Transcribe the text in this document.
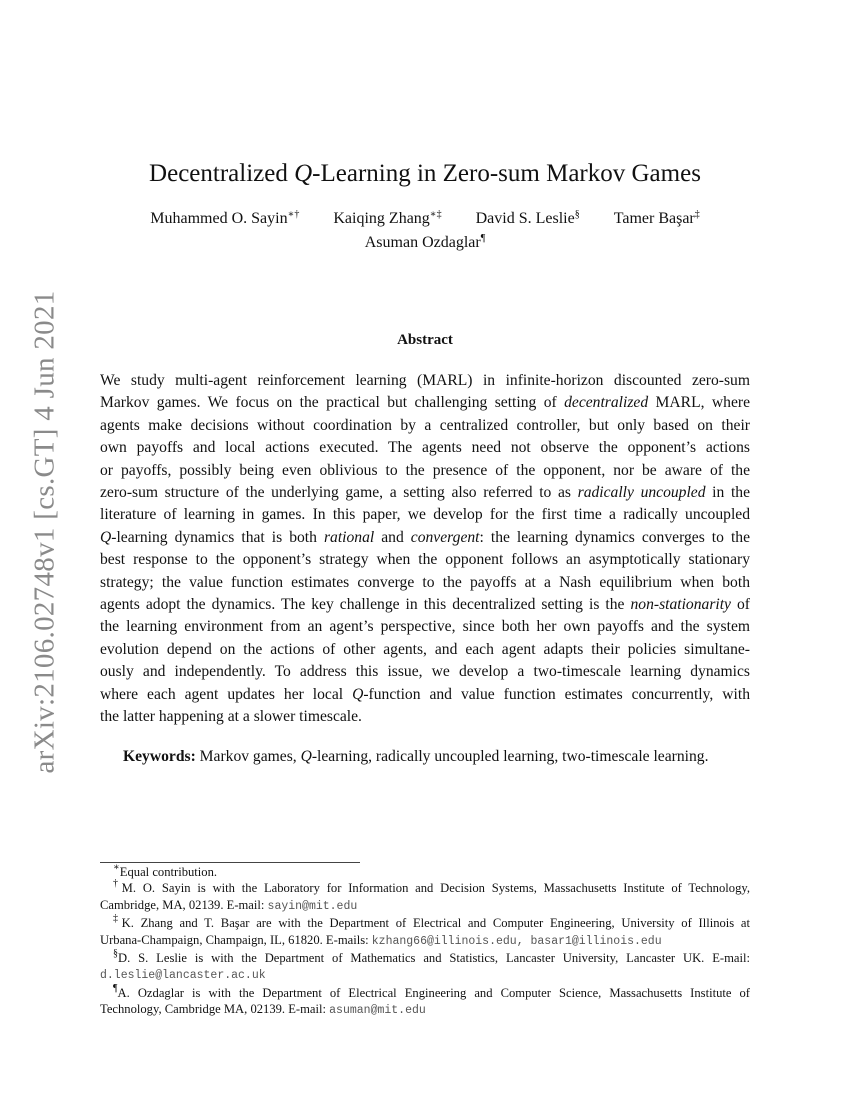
arXiv:2106.02748v1 [cs.GT] 4 Jun 2021
Decentralized Q-Learning in Zero-sum Markov Games
Muhammed O. Sayin∗† Kaiqing Zhang∗‡ David S. Leslie§ Tamer Başar‡
Asuman Ozdaglar¶
Abstract
We study multi-agent reinforcement learning (MARL) in infinite-horizon discounted zero-sum
Markov games. We focus on the practical but challenging setting of decentralized MARL, where
agents make decisions without coordination by a centralized controller, but only based on their
own payoffs and local actions executed. The agents need not observe the opponent’s actions
or payoffs, possibly being even oblivious to the presence of the opponent, nor be aware of the
zero-sum structure of the underlying game, a setting also referred to as radically uncoupled in the
literature of learning in games. In this paper, we develop for the first time a radically uncoupled
Q-learning dynamics that is both rational and convergent: the learning dynamics converges to the
best response to the opponent’s strategy when the opponent follows an asymptotically stationary
strategy; the value function estimates converge to the payoffs at a Nash equilibrium when both
agents adopt the dynamics. The key challenge in this decentralized setting is the non-stationarity of
the learning environment from an agent’s perspective, since both her own payoffs and the system
evolution depend on the actions of other agents, and each agent adapts their policies simultane-
ously and independently. To address this issue, we develop a two-timescale learning dynamics
where each agent updates her local Q-function and value function estimates concurrently, with
the latter happening at a slower timescale.
Keywords: Markov games, Q-learning, radically uncoupled learning, two-timescale learning.
∗Equal contribution.
†M. O. Sayin is with the Laboratory for Information and Decision Systems, Massachusetts Institute of Technology,
Cambridge, MA, 02139. E-mail: sayin@mit.edu
‡K. Zhang and T. Başar are with the Department of Electrical and Computer Engineering, University of Illinois at
Urbana-Champaign, Champaign, IL, 61820. E-mails: kzhang66@illinois.edu, basar1@illinois.edu
§D. S. Leslie is with the Department of Mathematics and Statistics, Lancaster University, Lancaster UK. E-mail:
d.leslie@lancaster.ac.uk
¶A. Ozdaglar is with the Department of Electrical Engineering and Computer Science, Massachusetts Institute of
Technology, Cambridge MA, 02139. E-mail: asuman@mit.edu
